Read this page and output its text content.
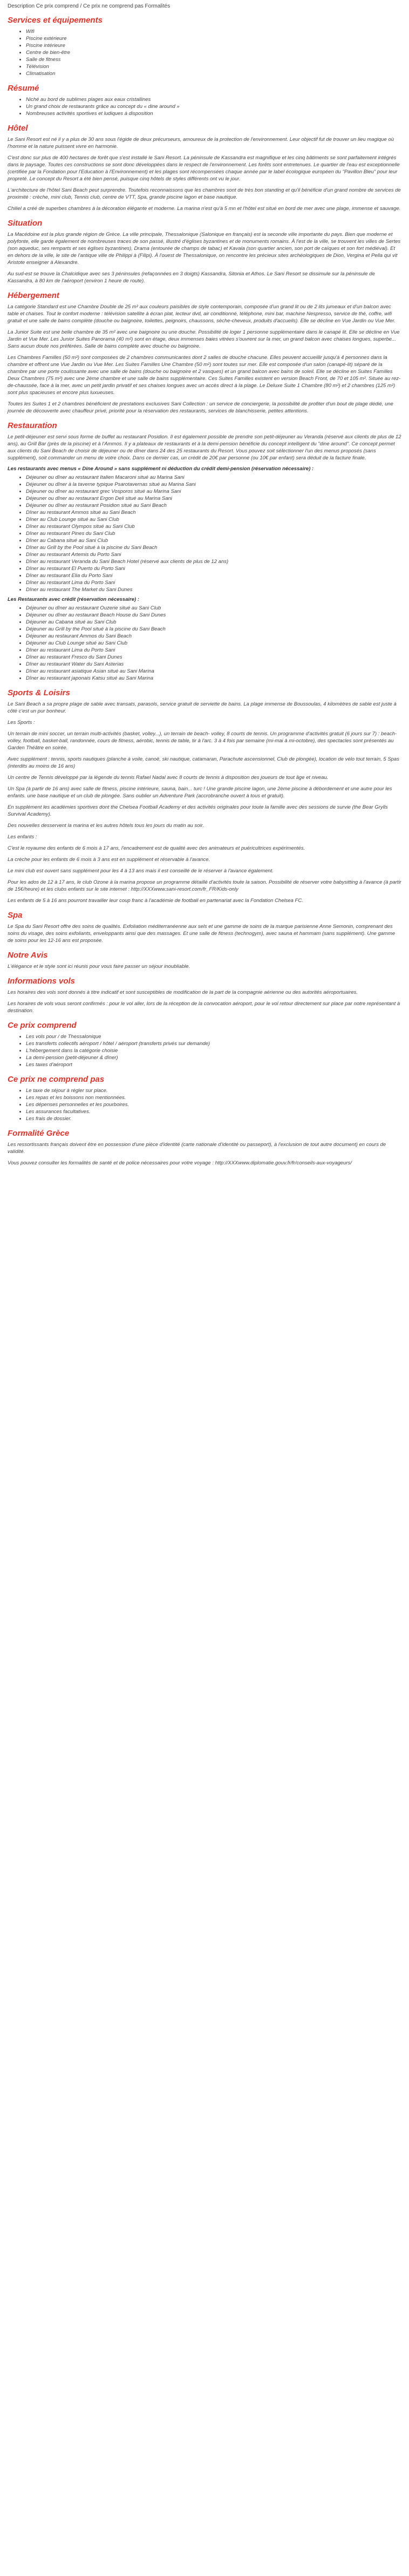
Description Ce prix comprend / Ce prix ne comprend pas Formalités

Services et équipements
• Wifi
• Piscine extérieure
• Piscine intérieure
• Centre de bien-être
• Salle de fitness
• Télévision
• Climatisation
Résumé
• Niché au bord de sublimes plages aux eaux cristallines
• Un grand choix de restaurants grâce au concept du « dine around »
• Nombreuses activités sportives et ludiques à disposition
Hôtel

Le Sani Resort est né il y a plus de 30 ans sous l'égide de deux précurseurs, amoureux de la protection de l'environnement. Leur objectif fut de trouver un lieu magique où l'homme et la nature puissent vivre en harmonie.

C'est donc sur plus de 400 hectares de forêt que s'est installé le Sani Resort. La péninsule de Kassandra est magnifique et les cinq bâtiments se sont parfaitement intégrés dans le paysage. Toutes ces constructions se sont donc développées dans le respect de l'environnement. Les forêts sont entretenues. Le quartier de l'eau est exceptionnelle (certifiée par la Fondation pour l'Education à l'Environnement) et les plages sont récompensées chaque année par le label écologique européen du "Pavillon Bleu" pour leur propreté. Le concept du Resort a été bien pensé, puisque cinq hôtels de styles différents ont vu le jour.

L'architecture de l'hôtel Sani Beach peut surprendre. Toutefois reconnaissons que les chambres sont de très bon standing et qu'il bénéficie d'un grand nombre de services de proximité : crèche, mini club, Tennis club, centre de VTT, Spa, grande piscine lagon et base nautique.

Chiliel a créé de superbes chambres à la décoration élégante et moderne. La marina n'est qu'à 5 mn et l'hôtel est situé en bord de mer avec une plage, immense et sauvage.

Situation

La Macédoine est la plus grande région de Grèce. La ville principale, Thessalonique (Salonique en français) est la seconde ville importante du pays. Bien que moderne et polyfonte, elle garde également de nombreuses traces de son passé, illustré d'églises byzantines et de monuments romains. À l'est de la ville, se trouvent les villes de Sertes (son aqueduc, ses remparts et ses églises byzantines), Drama (entourée de champs de tabac) et Kavala (son quartier ancien, son port de caïques et son fort médiéval). Et en dehors de la ville, le site de l'antique ville de Philippi à (Filipi). À l'ouest de Thessalonique, on rencontre les précieux sites archéologiques de Dion, Vergina et Pella qui vit Aristote enseigner à Alexandre.

Au sud-est se trouve la Chalcidique avec ses 3 péninsules (refaçonnées en 3 doigts) Kassandra, Sitonia et Athos. Le Sani Resort se dissimule sur la péninsule de Kassandra, à 80 km de l'aéroport (environ 1 heure de route).

Hébergement

La catégorie Standard est une Chambre Double de 25 m² aux couleurs paisibles de style contemporain, composée d'un grand lit ou de 2 lits jumeaux et d'un balcon avec table et chaises. Tout le confort moderne : télévision satellite à écran plat, lecteur dvd, air conditionné, téléphone, mini bar, machine Nespresso, service de thé, coffre, wifi gratuit et une salle de bains complète (douche ou baignoire, toilettes, peignoirs, chaussons, sèche-cheveux, produits d'accueils). Elle se décline en Vue Jardin ou Vue Mer.

La Junior Suite est une belle chambre de 35 m² avec une baignoire ou une douche. Possibilité de loger 1 personne supplémentaire dans le canapé lit. Elle se décline en Vue Jardin et Vue Mer. Les Junior Suites Panorama (40 m²) sont en étage, deux immenses baies vitrées s'ouvrent sur la mer, un grand balcon avec chaises longues, superbe... Sans aucun doute nos préférées. Salle de bains complète avec douche ou baignoire.

Les Chambres Familles (50 m²) sont composées de 2 chambres communicantes dont 2 salles de douche chacune. Elles peuvent accueillir jusqu'à 4 personnes dans la chambre et offrent une Vue Jardin ou Vue Mer. Les Suites Familles Une Chambre (50 m²) sont toutes sur mer. Elle est composée d'un salon (canapé-lit) séparé de la chambre par une porte coulissante avec une salle de bains (douche ou baignoire et 2 vasques) et un grand balcon avec bains de soleil. Elle se décline en Suites Familles Deux Chambres (75 m²) avec une 2ème chambre et une salle de bains supplémentaire. Ces Suites Familles existent en version Beach Front, de 70 et 105 m². Située au rez-de-chaussée, face à la mer, avec un petit jardin privatif et ses chaises longues avec un accès direct à la plage. Le Deluxe Suite 1 Chambre (80 m²) et 2 chambres (125 m²) sont plus spacieuses et encore plus luxueuses.

Toutes les Suites 1 et 2 chambres bénéficient de prestations exclusives Sani Collection : un service de conciergerie, la possibilité de profiter d'un bout de plage dédié, une journée de découverte avec chauffeur privé, priorité pour la réservation des restaurants, services de blanchisserie, petites attentions.

Restauration

Le petit-déjeuner est servi sous forme de buffet au restaurant Posidion. Il est également possible de prendre son petit-déjeuner au Veranda (réservé aux clients de plus de 12 ans), au Grill Bar (près de la piscine) et à l'Ammos. Il y a plateaux de restaurants et à la demi-pension bénéficie du concept intelligent du "dine around". Ce concept permet aux clients du Sani Beach de choisir de déjeuner ou de dîner dans 24 des 25 restaurants du Resort. Vous pouvez soit sélectionner l'un des menus proposés (sans supplément), soit commander un menu de votre choix. Dans ce dernier cas, un crédit de 20€ par personne (ou 10€ par enfant) sera déduit de la facture finale.

Les restaurants avec menus « Dine Around » sans supplément ni déduction du crédit demi-pension (réservation nécessaire) :

• Déjeuner ou dîner au restaurant Italien Macaroni situé au Marina Sani
• Déjeuner ou dîner à la taverne typique Psarotavernas situé au Marina Sani
• Déjeuner ou dîner au restaurant grec Vosporos situé au Marina Sani
• Déjeuner ou dîner au restaurant Ergon Deli situé au Marina Sani
• Déjeuner ou dîner au restaurant Posidion situé au Sani Beach
• Dîner au restaurant Ammos situé au Sani Beach
• Dîner au Club Lounge situé au Sani Club
• Dîner au restaurant Olympos situé au Sani Club
• Dîner au restaurant Pines du Sani Club
• Dîner au Cabana situé au Sani Club
• Dîner au Grill by the Pool situé à la piscine du Sani Beach
• Dîner au restaurant Artemis du Porto Sani
• Dîner au restaurant Veranda du Sani Beach Hotel (réservé aux clients de plus de 12 ans)
• Dîner au restaurant El Puerto du Porto Sani
• Dîner au restaurant Elia du Porto Sani
• Dîner au restaurant Lima du Porto Sani
• Dîner au restaurant The Market du Sani Dunes

Les Restaurants avec crédit (réservation nécessaire) :

• Déjeuner ou dîner au restaurant Ouzerie situé au Sani Club
• Déjeuner ou dîner au restaurant Beach House du Sani Dunes
• Déjeuner au Cabana situé au Sani Club
• Déjeuner au Grill by the Pool situé à la piscine du Sani Beach
• Déjeuner au restaurant Ammos du Sani Beach
• Déjeuner au Club Lounge situé au Sani Club
• Dîner au restaurant Lima du Porto Sani
• Dîner au restaurant Fresco du Sani Dunes
• Dîner au restaurant Water du Sani Asterias
• Dîner au restaurant asiatique Asian situé au Sani Marina
• Dîner au restaurant japonais Katsu situé au Sani Marina
Sports & Loisirs

Le Sani Beach a sa propre plage de sable avec transats, parasols, service gratuit de serviette de bains. La plage immense de Boussoulas, 4 kilomètres de sable est juste à côté c'est un pur bonheur.

Les Sports :

Un terrain de mini soccer, un terrain multi-activités (basket, volley...), un terrain de beach- volley, 8 courts de tennis. Un programme d'activités gratuit (6 jours sur 7) : beach-volley, football, basket-ball, randonnée, cours de fitness, aérobic, tennis de table, tir à l'arc. 3 à 4 fois par semaine (mi-mai à mi-octobre), des spectacles sont présentés au Garden Théâtre en soirée.

Avec supplément : tennis, sports nautiques (planche à voile, canoë, ski nautique, catamaran, Parachute ascensionnel, Club de plongée), location de vélo tout terrain, 5 Spas (interdits au moins de 16 ans)

Un centre de Tennis développé par la légende du tennis Rafael Nadal avec 8 courts de tennis à disposition des joueurs de tout âge et niveau.

Un Spa (à partir de 16 ans) avec salle de fitness, piscine intérieure, sauna, bain... turc ! Une grande piscine lagon, une 2ème piscine à débordement et une autre pour les enfants. une base nautique et un club de plongée. Sans oublier un Adventure Park (accrobranche ouvert à tous et gratuit).

En supplément les académies sportives dont the Chelsea Football Academy et des activités originales pour toute la famille avec des sessions de survie (the Bear Grylls Survival Academy).

Des nouvelles desservent la marina et les autres hôtels tous les jours du matin au soir.

Les enfants :

C'est le royaume des enfants de 6 mois à 17 ans, l'encadrement est de qualité avec des animateurs et puéricultrices expérimentés.

La crèche pour les enfants de 6 mois à 3 ans est en supplément et réservable à l'avance.

Le mini club est ouvert sans supplément pour les 4 à 13 ans mais il est conseillé de le réserver à l'avance également.

Pour les ados de 12 à 17 ans, le club Ozone à la marina propose un programme détaillé d'activités toute la saison. Possibilité de réserver votre babysitting à l'avance (à partir de 15€/heure) et les clubs enfants sur le site internet : http://XXXwww.sani-resort.com/fr_FR/Kids-only

Les enfants de 5 à 16 ans pourront travailler leur coup franc à l'académie de football en partenariat avec la Fondation Chelsea FC.

Spa

Le Spa du Sani Resort offre des soins de qualités. Exfoliation méditerranéenne aux sels et une gamme de soins de la marque parisienne Anne Semonin, comprenant des soins du visage, des soins exfoliants, enveloppants ainsi que des massages. Et une salle de fitness (technogym), avec sauna et hammam (sans supplément). Une gamme de soins pour les 12-16 ans est proposée.

Notre Avis

L'élégance et le style sont ici réunis pour vous faire passer un séjour inoubliable.

Informations vols

Les horaires des vols sont donnés à titre indicatif et sont susceptibles de modification de la part de la compagnie aérienne ou des autorités aéroportuaires.

Les horaires de vols vous seront confirmés : pour le vol aller, lors de la réception de la convocation aéroport, pour le vol retour directement sur place par notre représentant à destination.

Ce prix comprend
• Les vols pour / de Thessalonique
• Les transferts collectifs aéroport / hôtel / aéroport (transferts privés sur demande)
• L'hébergement dans la catégorie choisie
• La demi-pension (petit-déjeuner & dîner)
• Les taxes d'aéroport
Ce prix ne comprend pas
• Le taxe de séjour à régler sur place.
• Les repas et les boissons non mentionnées.
• Les dépenses personnelles et les pourboires.
• Les assurances facultatives.
• Les frais de dossier.
Formalité Grèce

Les ressortissants français doivent être en possession d'une pièce d'identité (carte nationale d'identité ou passeport), à l'exclusion de tout autre document) en cours de validité.

Vous pouvez consulter les formalités de santé et de police nécessaires pour votre voyage : http://XXXwww.diplomatie.gouv.fr/fr/conseils-aux-voyageurs/
